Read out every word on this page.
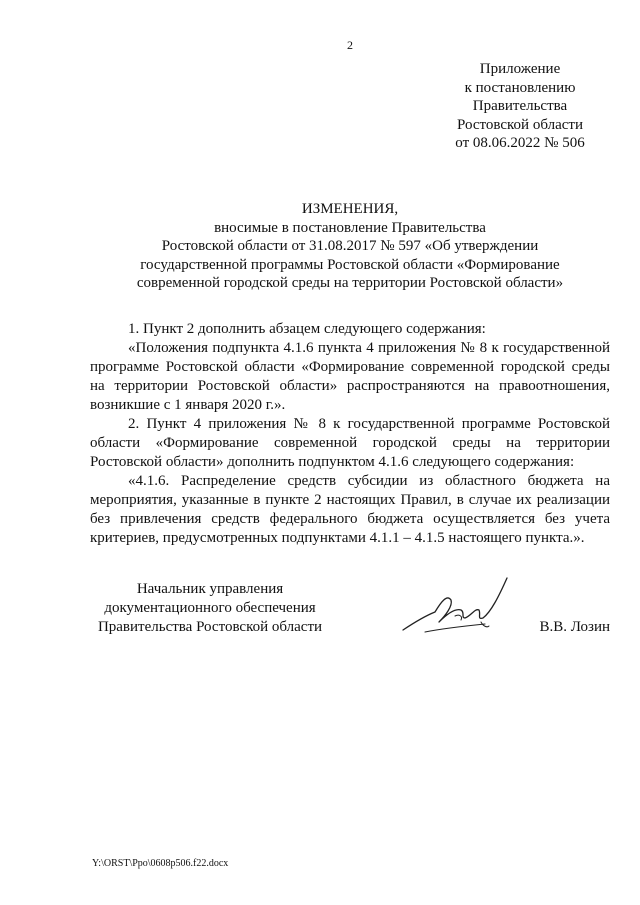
2
Приложение
к постановлению
Правительства
Ростовской области
от 08.06.2022 № 506
ИЗМЕНЕНИЯ,
вносимые в постановление Правительства
Ростовской области от 31.08.2017 № 597 «Об утверждении
государственной программы Ростовской области «Формирование
современной городской среды на территории Ростовской области»

1. Пункт 2 дополнить абзацем следующего содержания:

«Положения подпункта 4.1.6 пункта 4 приложения № 8 к государственной программе Ростовской области «Формирование современной городской среды на территории Ростовской области» распространяются на правоотношения, возникшие с 1 января 2020 г.».

2. Пункт 4 приложения № 8 к государственной программе Ростовской области «Формирование современной городской среды на территории Ростовской области» дополнить подпунктом 4.1.6 следующего содержания:

«4.1.6. Распределение средств субсидии из областного бюджета на мероприятия, указанные в пункте 2 настоящих Правил, в случае их реализации без привлечения средств федерального бюджета осуществляется без учета критериев, предусмотренных подпунктами 4.1.1 – 4.1.5 настоящего пункта.».

Начальник управления
документационного обеспечения
Правительства Ростовской области	В.В. Лозин
Y:\ORST\Ppo\0608p506.f22.docx
